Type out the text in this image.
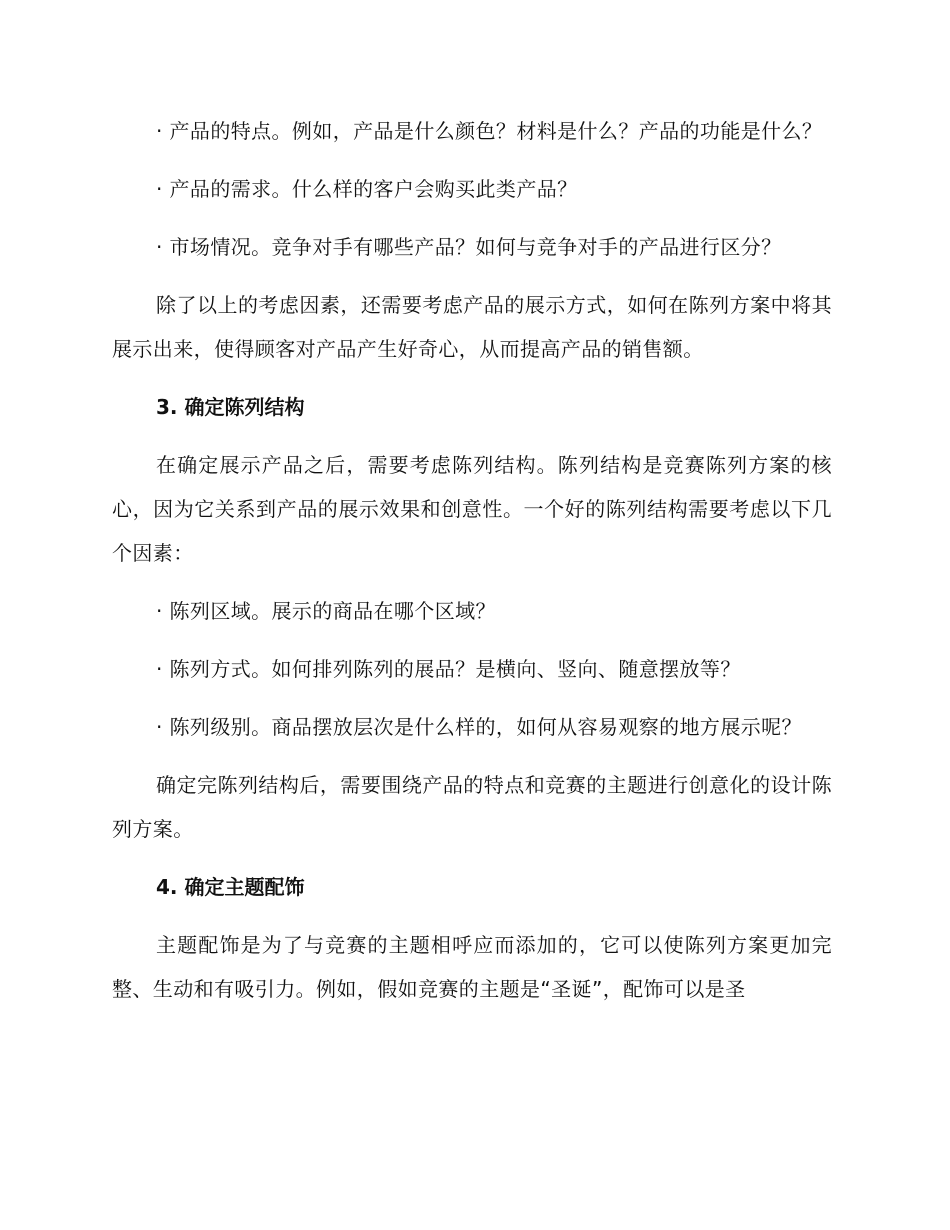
· 产品的特点。例如，产品是什么颜色？材料是什么？产品的功能是什么？

· 产品的需求。什么样的客户会购买此类产品？

· 市场情况。竞争对手有哪些产品？如何与竞争对手的产品进行区分？

除了以上的考虑因素，还需要考虑产品的展示方式，如何在陈列方案中将其展示出来，使得顾客对产品产生好奇心，从而提高产品的销售额。

3. 确定陈列结构

在确定展示产品之后，需要考虑陈列结构。陈列结构是竞赛陈列方案的核心，因为它关系到产品的展示效果和创意性。一个好的陈列结构需要考虑以下几个因素：

· 陈列区域。展示的商品在哪个区域？

· 陈列方式。如何排列陈列的展品？是横向、竖向、随意摆放等？

· 陈列级别。商品摆放层次是什么样的，如何从容易观察的地方展示呢？

确定完陈列结构后，需要围绕产品的特点和竞赛的主题进行创意化的设计陈列方案。

4. 确定主题配饰

主题配饰是为了与竞赛的主题相呼应而添加的，它可以使陈列方案更加完整、生动和有吸引力。例如，假如竞赛的主题是“圣诞”，配饰可以是圣
